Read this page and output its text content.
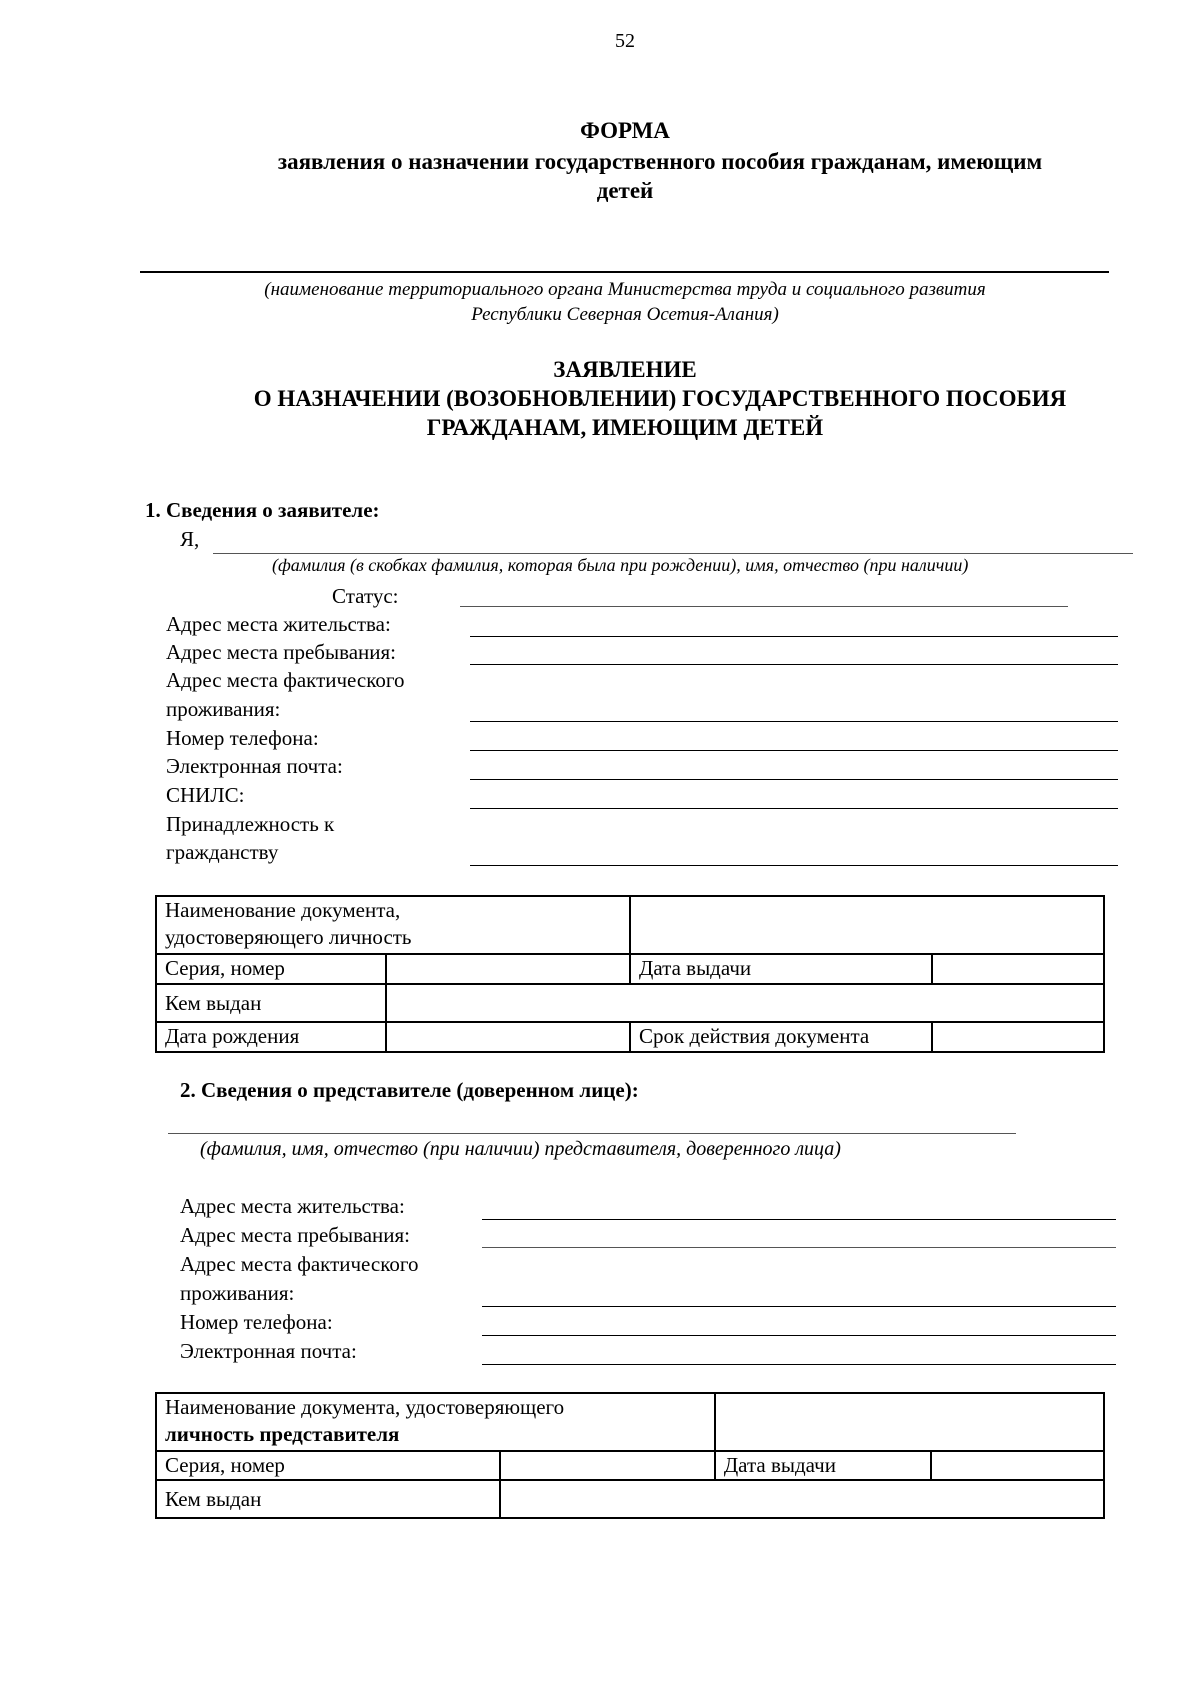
52
ФОРМА
заявления о назначении государственного пособия гражданам, имеющим
детей
(наименование территориального органа Министерства труда и социального развития
Республики Северная Осетия-Алания)
ЗАЯВЛЕНИЕ
О НАЗНАЧЕНИИ (ВОЗОБНОВЛЕНИИ) ГОСУДАРСТВЕННОГО ПОСОБИЯ
ГРАЖДАНАМ, ИМЕЮЩИМ ДЕТЕЙ
1. Сведения о заявителе:
Я,
(фамилия (в скобках фамилия, которая была при рождении), имя, отчество (при наличии)
Статус:
Адрес места жительства:
Адрес места пребывания:
Адрес места фактического
проживания:
Номер телефона:
Электронная почта:
СНИЛС:
Принадлежность к
гражданству
Наименование документа,
удостоверяющего личность			

Серия, номер		Дата выдачи	
Кем выдан			
Дата рождения		Срок действия документа	
2. Сведения о представителе (доверенном лице):
(фамилия, имя, отчество (при наличии) представителя, доверенного лица)
Адрес места жительства:
Адрес места пребывания:
Адрес места фактического
проживания:
Номер телефона:
Электронная почта:
Наименование документа, удостоверяющего
личность представителя			

Серия, номер		Дата выдачи	
Кем выдан			
